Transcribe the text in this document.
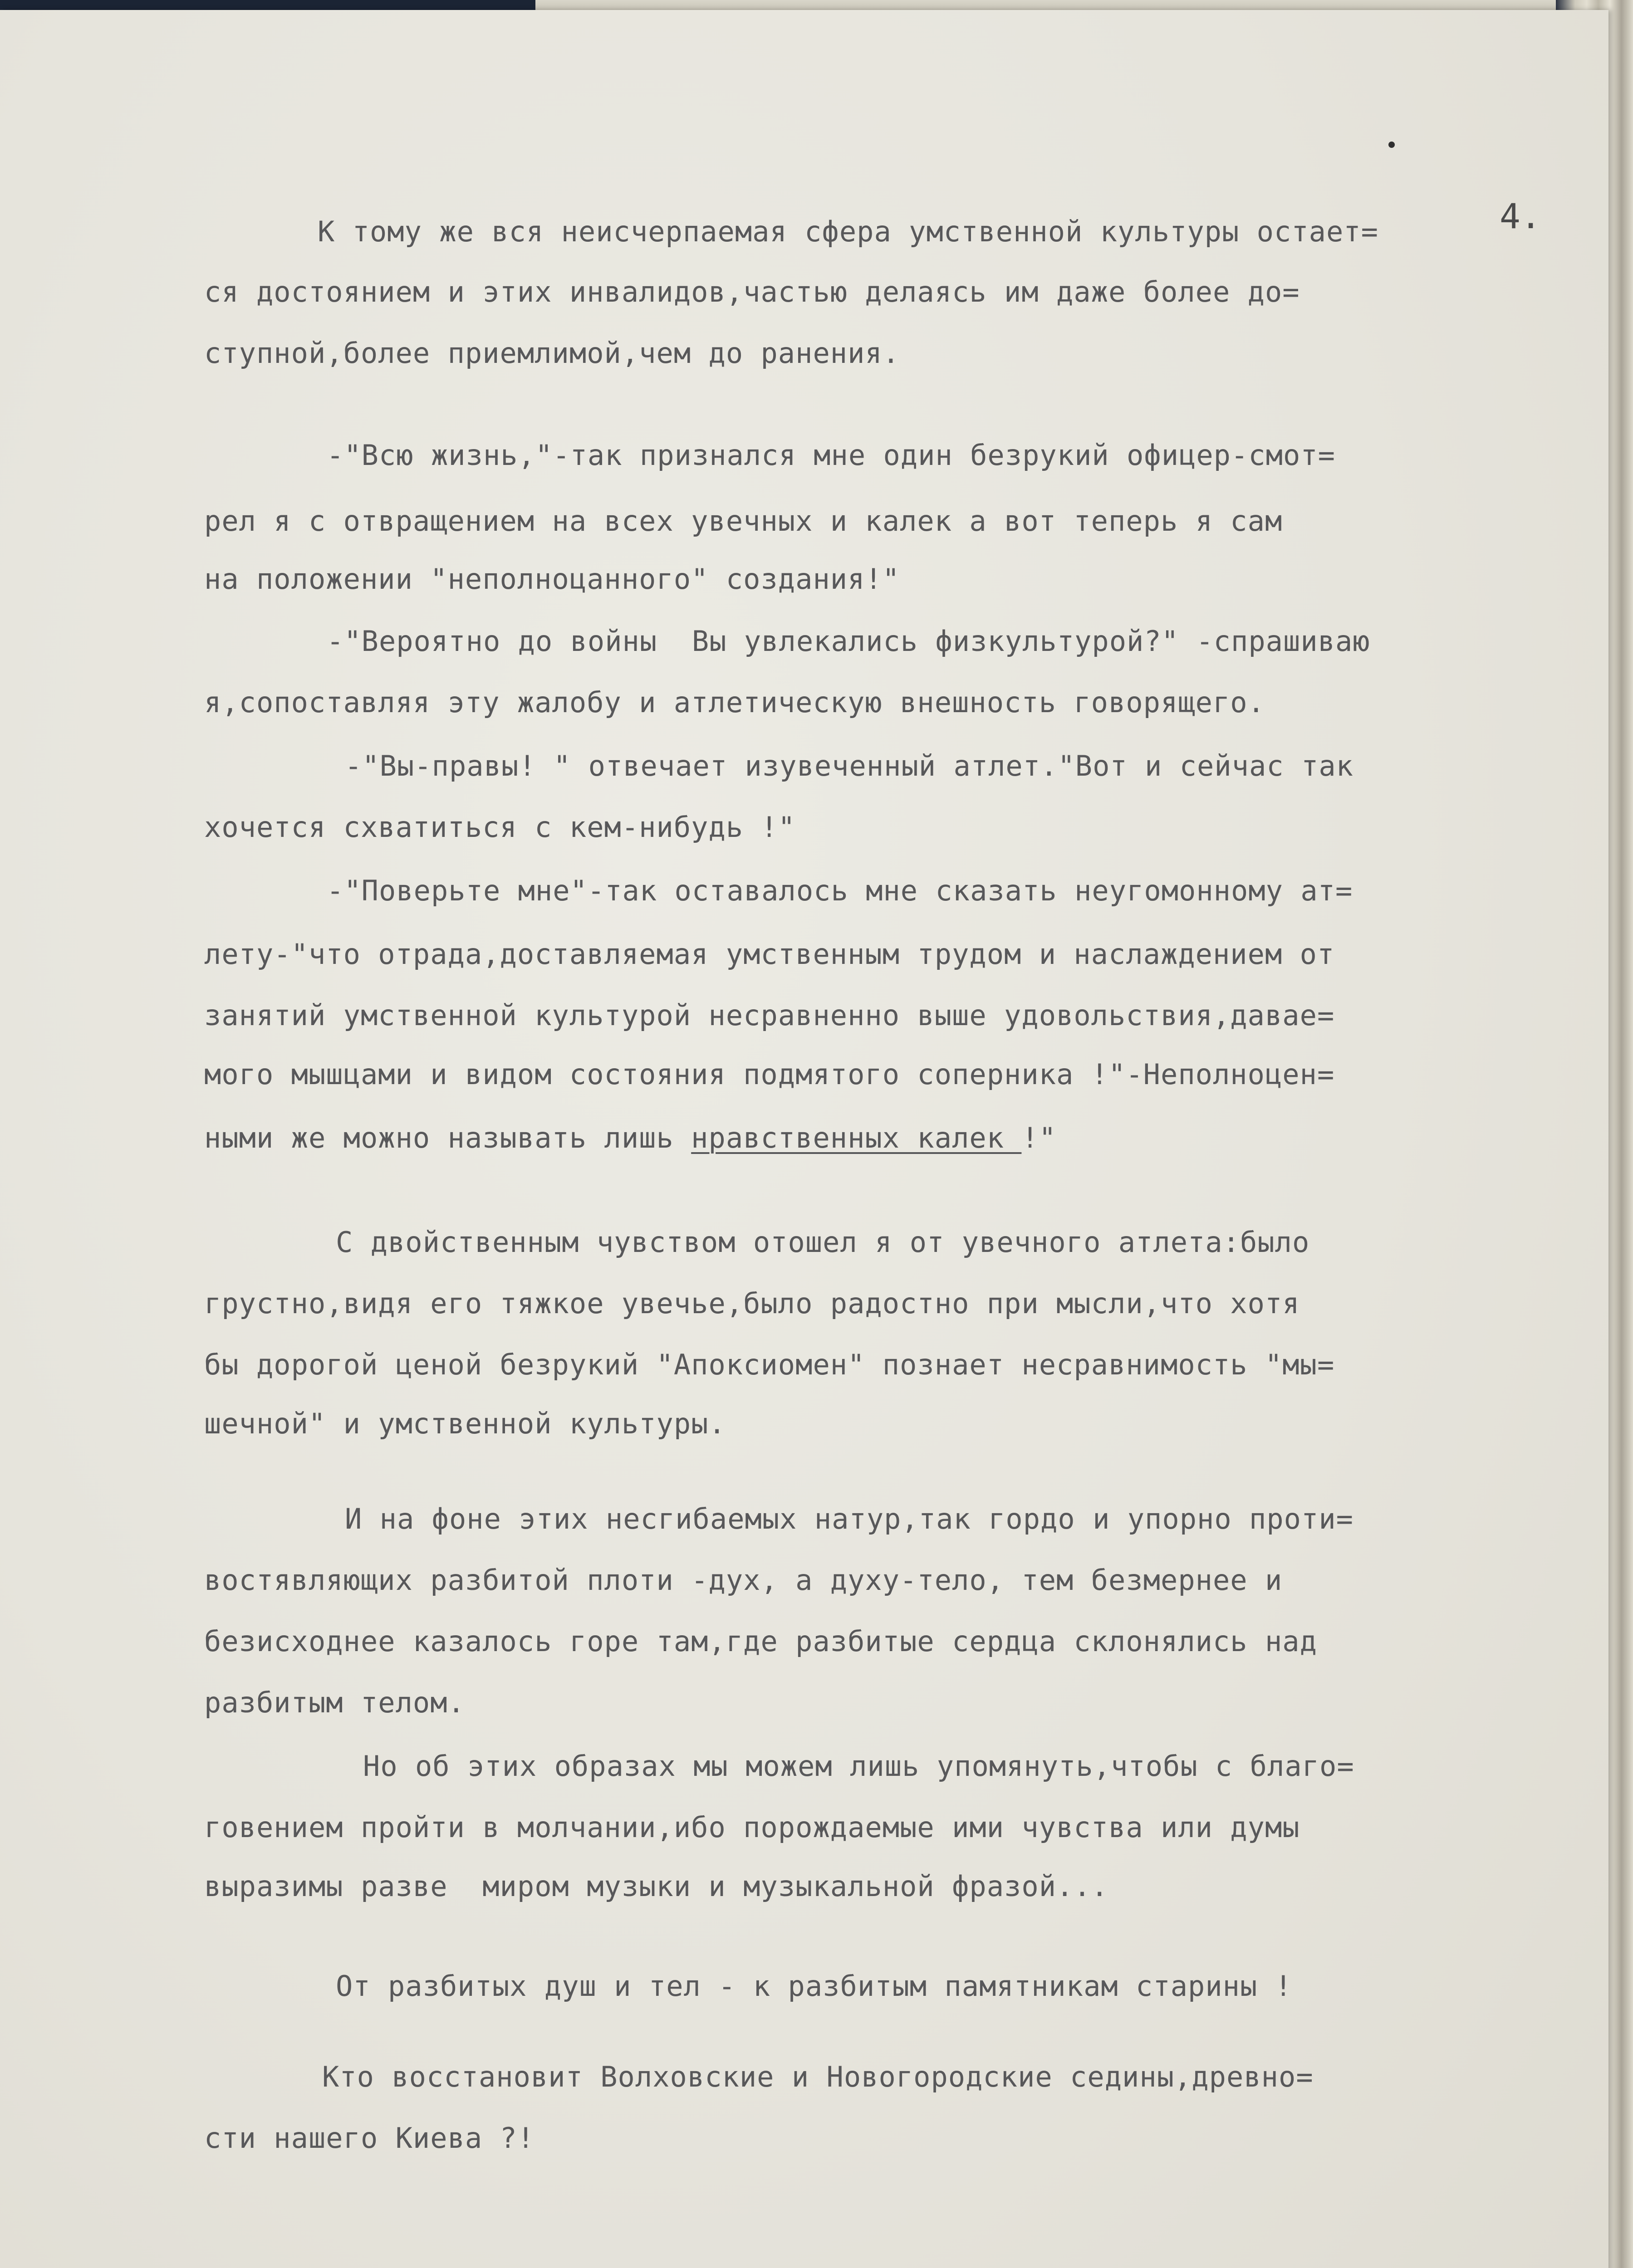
4.
К тому же вся неисчерпаемая сфера умственной культуры остает=
ся достоянием и этих инвалидов,частью делаясь им даже более до=
ступной,более приемлимой,чем до ранения.
-"Всю жизнь,"-так признался мне один безрукий офицер-смот=
рел я с отвращением на всех увечных и калек а вот теперь я сам
на положении "неполноцанного" создания!"
-"Вероятно до войны  Вы увлекались физкультурой?" -спрашиваю
я,сопоставляя эту жалобу и атлетическую внешность говорящего.
-"Вы-правы! " отвечает изувеченный атлет."Вот и сейчас так
хочется схватиться с кем-нибудь !"
-"Поверьте мне"-так оставалось мне сказать неугомонному ат=
лету-"что отрада,доставляемая умственным трудом и наслаждением от
занятий умственной культурой несравненно выше удовольствия,давае=
мого мышцами и видом состояния подмятого соперника !"-Неполноцен=
ными же можно называть лишь нравственных калек !"
С двойственным чувством отошел я от увечного атлета:было
грустно,видя его тяжкое увечье,было радостно при мысли,что хотя
бы дорогой ценой безрукий "Апоксиомен" познает несравнимость "мы=
шечной" и умственной культуры.
И на фоне этих несгибаемых натур,так гордо и упорно проти=
востявляющих разбитой плоти -дух, а духу-тело, тем безмернее и
безисходнее казалось горе там,где разбитые сердца склонялись над
разбитым телом.
Но об этих образах мы можем лишь упомянуть,чтобы с благо=
говением пройти в молчании,ибо порождаемые ими чувства или думы
выразимы разве  миром музыки и музыкальной фразой...
От разбитых душ и тел - к разбитым памятникам старины !
Кто восстановит Волховские и Новогородские седины,древно=
сти нашего Киева ?!
